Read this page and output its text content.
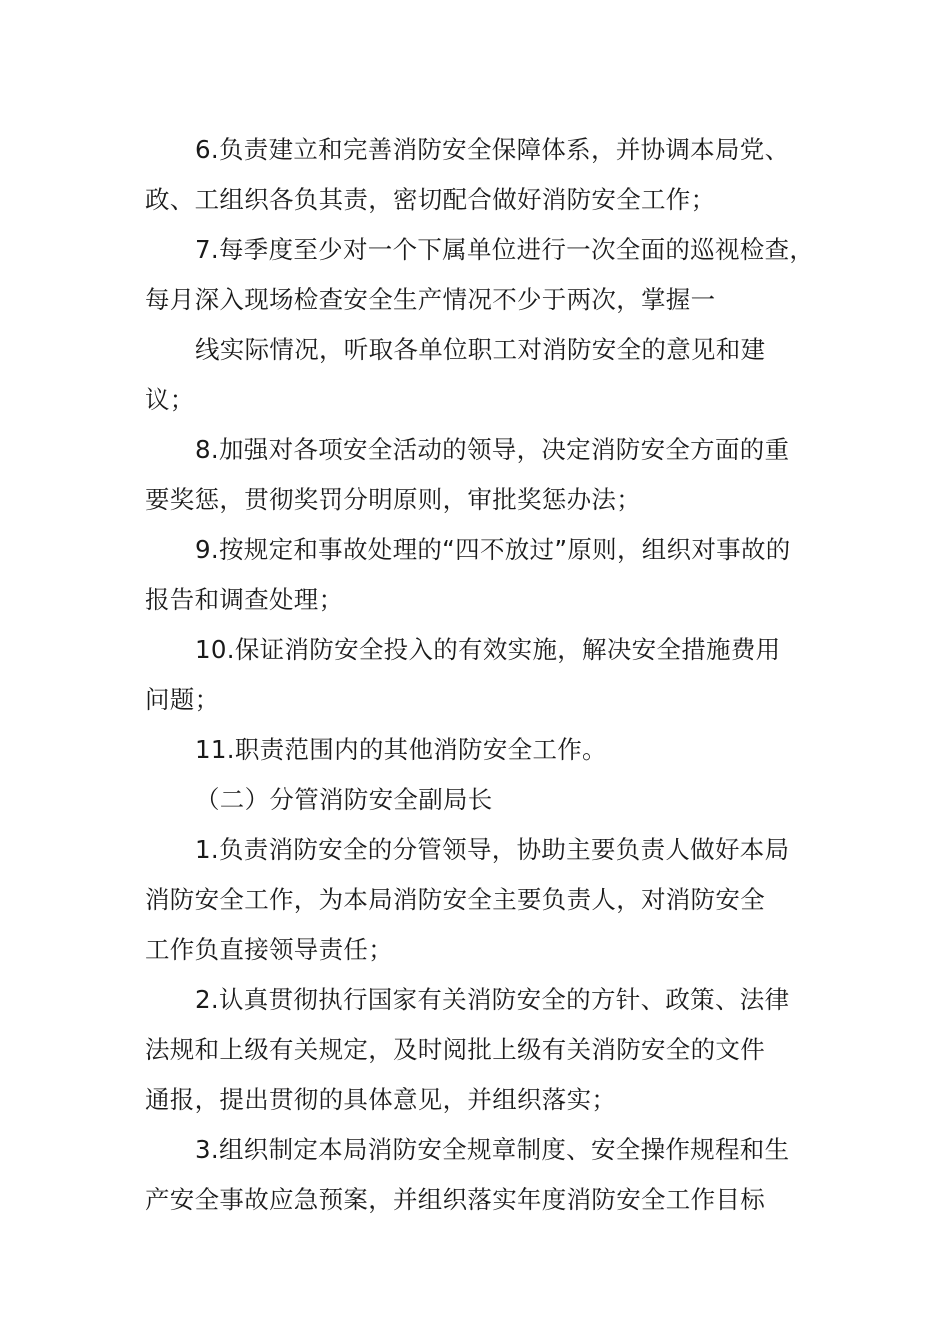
6.负责建立和完善消防安全保障体系，并协调本局党、
政、工组织各负其责，密切配合做好消防安全工作；
7.每季度至少对一个下属单位进行一次全面的巡视检查，
每月深入现场检查安全生产情况不少于两次，掌握一
线实际情况，听取各单位职工对消防安全的意见和建
议；
8.加强对各项安全活动的领导，决定消防安全方面的重
要奖惩，贯彻奖罚分明原则，审批奖惩办法；
9.按规定和事故处理的“四不放过”原则，组织对事故的
报告和调查处理；
10.保证消防安全投入的有效实施，解决安全措施费用
问题；
11.职责范围内的其他消防安全工作。
（二）分管消防安全副局长
1.负责消防安全的分管领导，协助主要负责人做好本局
消防安全工作，为本局消防安全主要负责人，对消防安全
工作负直接领导责任；
2.认真贯彻执行国家有关消防安全的方针、政策、法律
法规和上级有关规定，及时阅批上级有关消防安全的文件
通报，提出贯彻的具体意见，并组织落实；
3.组织制定本局消防安全规章制度、安全操作规程和生
产安全事故应急预案，并组织落实年度消防安全工作目标
